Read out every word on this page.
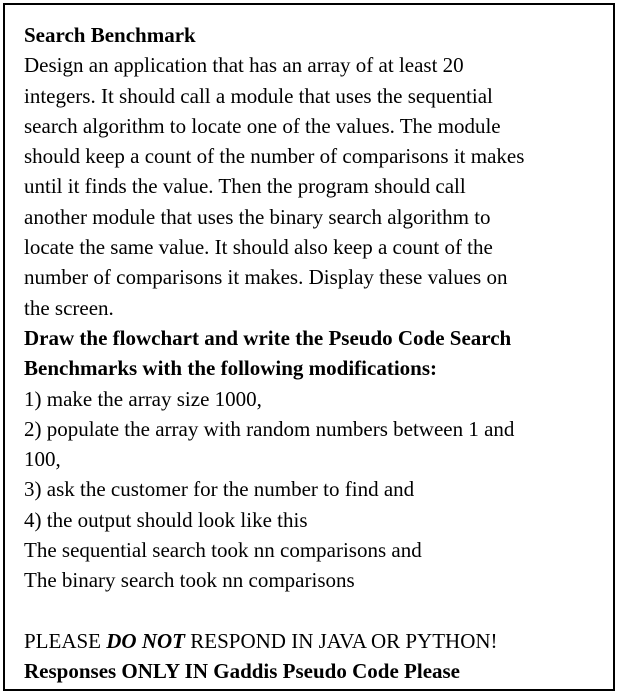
Search Benchmark
Design an application that has an array of at least 20
integers. It should call a module that uses the sequential
search algorithm to locate one of the values. The module
should keep a count of the number of comparisons it makes
until it finds the value. Then the program should call
another module that uses the binary search algorithm to
locate the same value. It should also keep a count of the
number of comparisons it makes. Display these values on
the screen.
Draw the flowchart and write the Pseudo Code Search
Benchmarks with the following modifications:
1) make the array size 1000,
2) populate the array with random numbers between 1 and
100,
3) ask the customer for the number to find and
4) the output should look like this
The sequential search took nn comparisons and
The binary search took nn comparisons
PLEASE DO NOT RESPOND IN JAVA OR PYTHON!
Responses ONLY IN Gaddis Pseudo Code Please
